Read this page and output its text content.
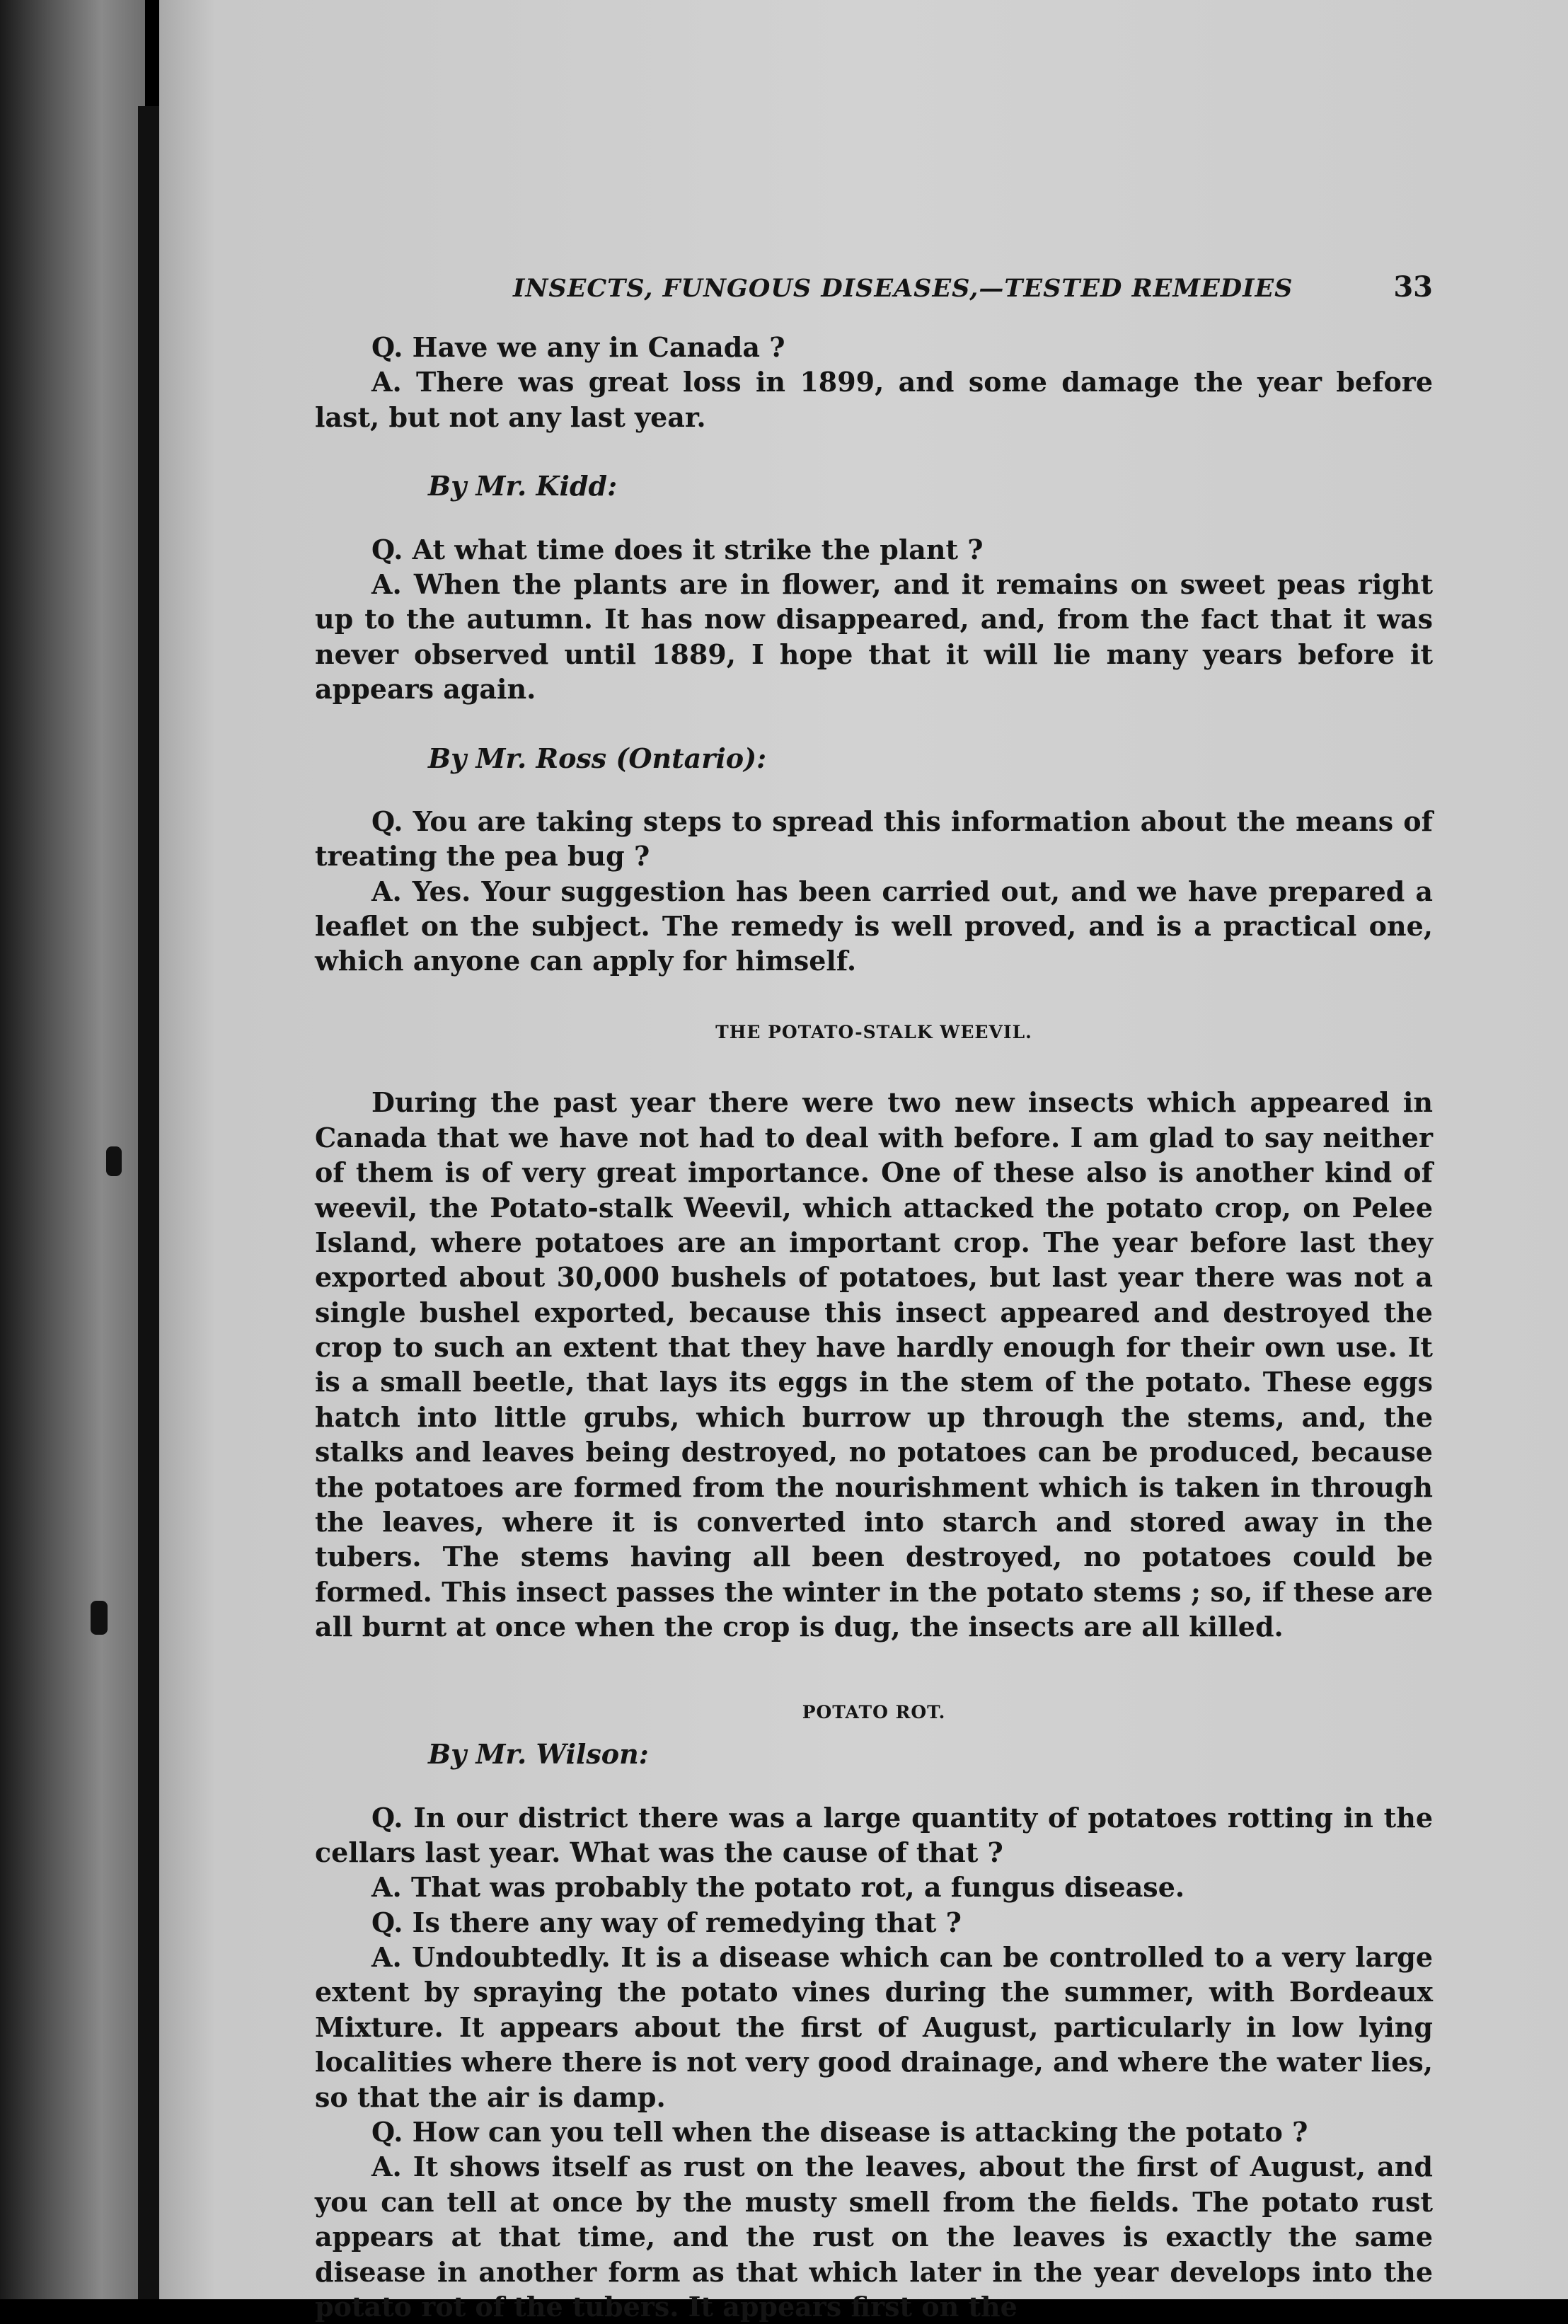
INSECTS, FUNGOUS DISEASES,—TESTED REMEDIES	33

Q. Have we any in Canada ?

A. There was great loss in 1899, and some damage the year before last, but not any last year.

By Mr. Kidd:

Q. At what time does it strike the plant ?

A. When the plants are in flower, and it remains on sweet peas right up to the autumn. It has now disappeared, and, from the fact that it was never observed until 1889, I hope that it will lie many years before it appears again.

By Mr. Ross (Ontario):

Q. You are taking steps to spread this information about the means of treating the pea bug ?

A. Yes. Your suggestion has been carried out, and we have prepared a leaflet on the subject. The remedy is well proved, and is a practical one, which anyone can apply for himself.

THE POTATO-STALK WEEVIL.

During the past year there were two new insects which appeared in Canada that we have not had to deal with before. I am glad to say neither of them is of very great importance. One of these also is another kind of weevil, the Potato-stalk Weevil, which attacked the potato crop, on Pelee Island, where potatoes are an important crop. The year before last they exported about 30,000 bushels of potatoes, but last year there was not a single bushel exported, because this insect appeared and destroyed the crop to such an extent that they have hardly enough for their own use. It is a small beetle, that lays its eggs in the stem of the potato. These eggs hatch into little grubs, which burrow up through the stems, and, the stalks and leaves being destroyed, no potatoes can be produced, because the potatoes are formed from the nourishment which is taken in through the leaves, where it is converted into starch and stored away in the tubers. The stems having all been destroyed, no potatoes could be formed. This insect passes the winter in the potato stems ; so, if these are all burnt at once when the crop is dug, the insects are all killed.

POTATO ROT.

By Mr. Wilson:

Q. In our district there was a large quantity of potatoes rotting in the cellars last year. What was the cause of that ?

A. That was probably the potato rot, a fungus disease.

Q. Is there any way of remedying that ?

A. Undoubtedly. It is a disease which can be controlled to a very large extent by spraying the potato vines during the summer, with Bordeaux Mixture. It appears about the first of August, particularly in low lying localities where there is not very good drainage, and where the water lies, so that the air is damp.

Q. How can you tell when the disease is attacking the potato ?

A. It shows itself as rust on the leaves, about the first of August, and you can tell at once by the musty smell from the fields. The potato rust appears at that time, and the rust on the leaves is exactly the same disease in another form as that which later in the year develops into the potato rot of the tubers. It appears first on the
